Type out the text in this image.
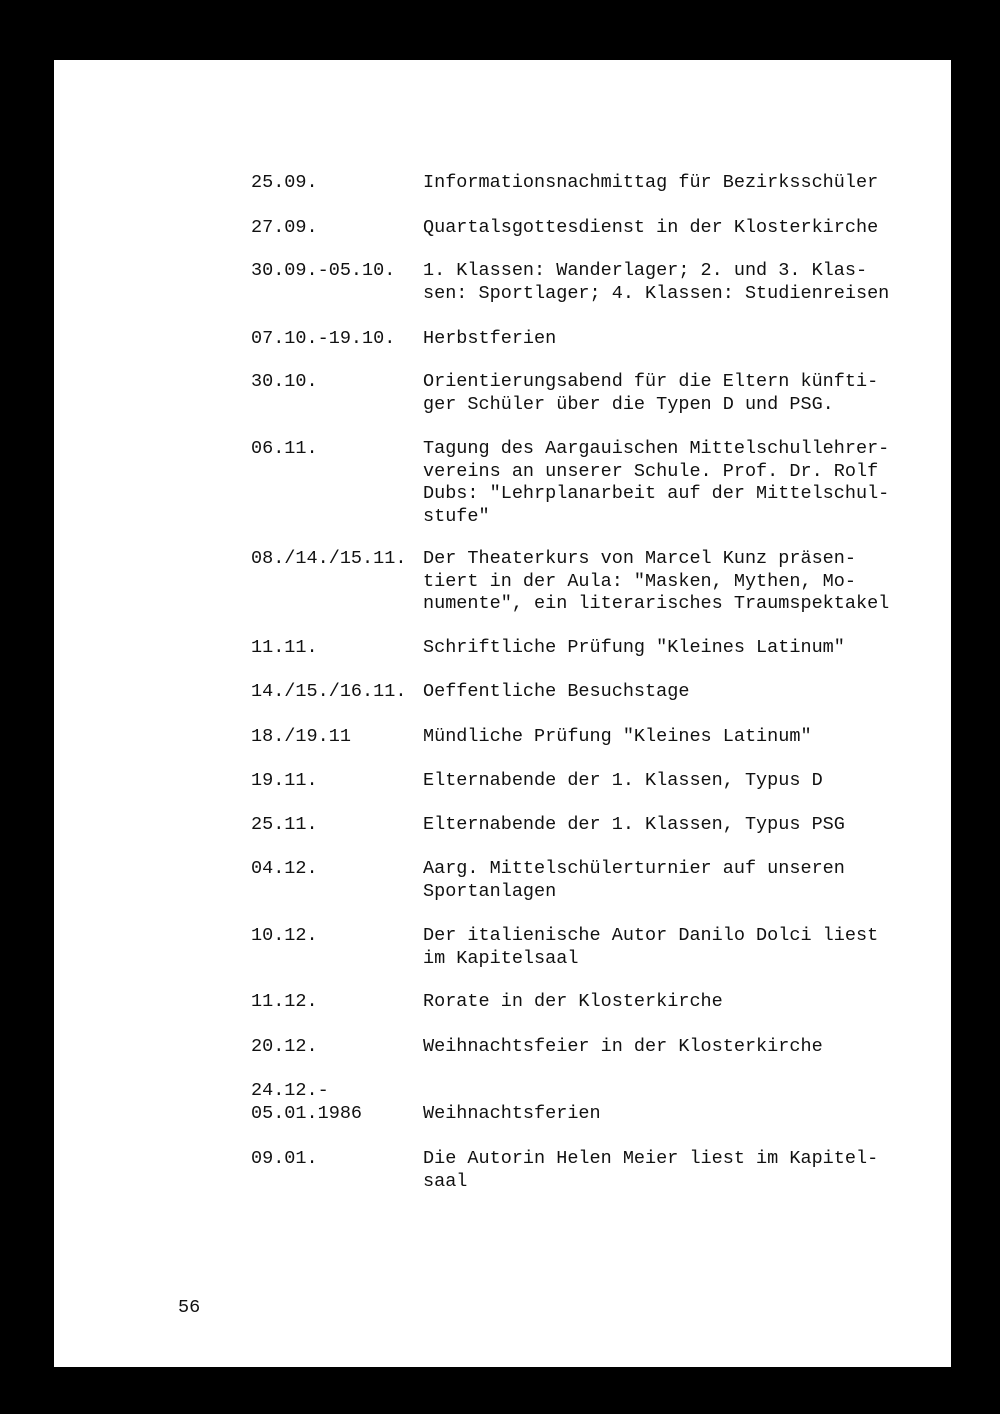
25.09.	Informationsnachmittag für Bezirksschüler
27.09.	Quartalsgottesdienst in der Klosterkirche
30.09.-05.10. 1. Klassen: Wanderlager; 2. und 3. Klas-
sen: Sportlager; 4. Klassen: Studienreisen
07.10.-19.10. Herbstferien
30.10.	Orientierungsabend für die Eltern künfti-
ger Schüler über die Typen D und PSG.
06.11.	Tagung des Aargauischen Mittelschullehrer-
vereins an unserer Schule. Prof. Dr. Rolf
Dubs: "Lehrplanarbeit auf der Mittelschul-
stufe"
08./14./15.11. Der Theaterkurs von Marcel Kunz präsen-
tiert in der Aula: "Masken, Mythen, Mo-
numente", ein literarisches Traumspektakel
11.11.	Schriftliche Prüfung "Kleines Latinum"
14./15./16.11. Oeffentliche Besuchstage
18./19.11	Mündliche Prüfung "Kleines Latinum"
19.11.	Elternabende der 1. Klassen, Typus D
25.11.	Elternabende der 1. Klassen, Typus PSG
04.12.	Aarg. Mittelschülerturnier auf unseren
Sportanlagen
10.12.	Der italienische Autor Danilo Dolci liest
im Kapitelsaal
11.12.	Rorate in der Klosterkirche
20.12.	Weihnachtsfeier in der Klosterkirche
24.12.-
05.01.1986	Weihnachtsferien
09.01.	Die Autorin Helen Meier liest im Kapitel-
saal
56
